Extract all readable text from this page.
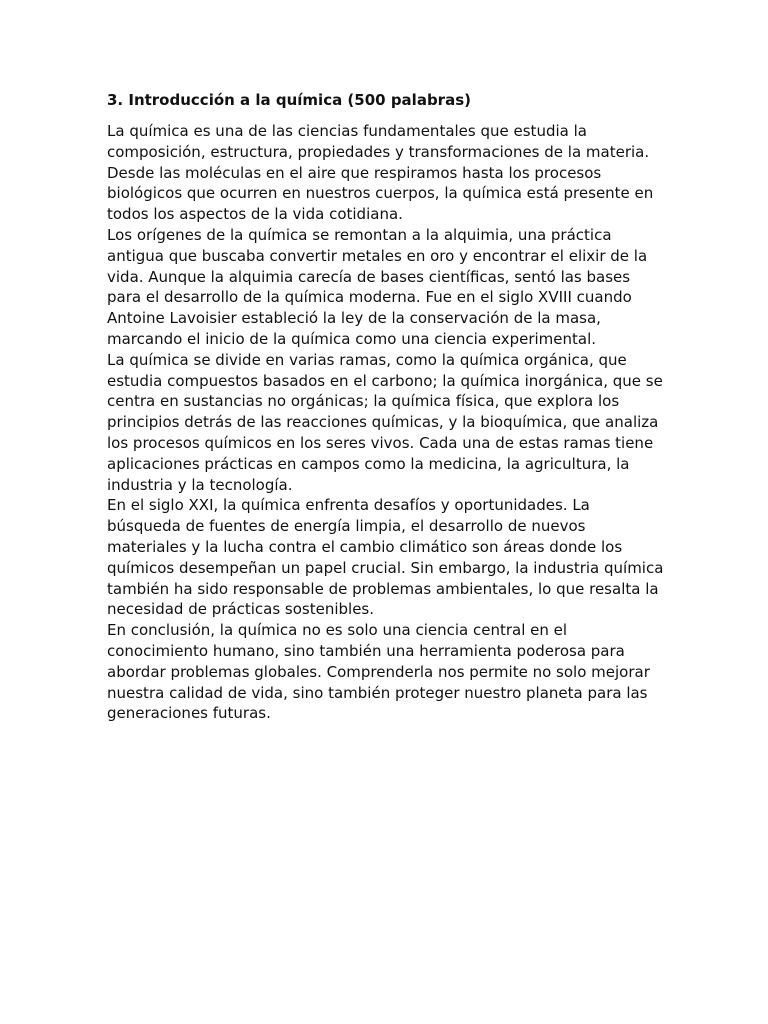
3. Introducción a la química (500 palabras)

La química es una de las ciencias fundamentales que estudia la composición, estructura, propiedades y transformaciones de la materia. Desde las moléculas en el aire que respiramos hasta los procesos biológicos que ocurren en nuestros cuerpos, la química está presente en todos los aspectos de la vida cotidiana.

Los orígenes de la química se remontan a la alquimia, una práctica antigua que buscaba convertir metales en oro y encontrar el elixir de la vida. Aunque la alquimia carecía de bases científicas, sentó las bases para el desarrollo de la química moderna. Fue en el siglo XVIII cuando Antoine Lavoisier estableció la ley de la conservación de la masa, marcando el inicio de la química como una ciencia experimental.

La química se divide en varias ramas, como la química orgánica, que estudia compuestos basados en el carbono; la química inorgánica, que se centra en sustancias no orgánicas; la química física, que explora los principios detrás de las reacciones químicas, y la bioquímica, que analiza los procesos químicos en los seres vivos. Cada una de estas ramas tiene aplicaciones prácticas en campos como la medicina, la agricultura, la industria y la tecnología.

En el siglo XXI, la química enfrenta desafíos y oportunidades. La búsqueda de fuentes de energía limpia, el desarrollo de nuevos materiales y la lucha contra el cambio climático son áreas donde los químicos desempeñan un papel crucial. Sin embargo, la industria química también ha sido responsable de problemas ambientales, lo que resalta la necesidad de prácticas sostenibles.

En conclusión, la química no es solo una ciencia central en el conocimiento humano, sino también una herramienta poderosa para abordar problemas globales. Comprenderla nos permite no solo mejorar nuestra calidad de vida, sino también proteger nuestro planeta para las generaciones futuras.
